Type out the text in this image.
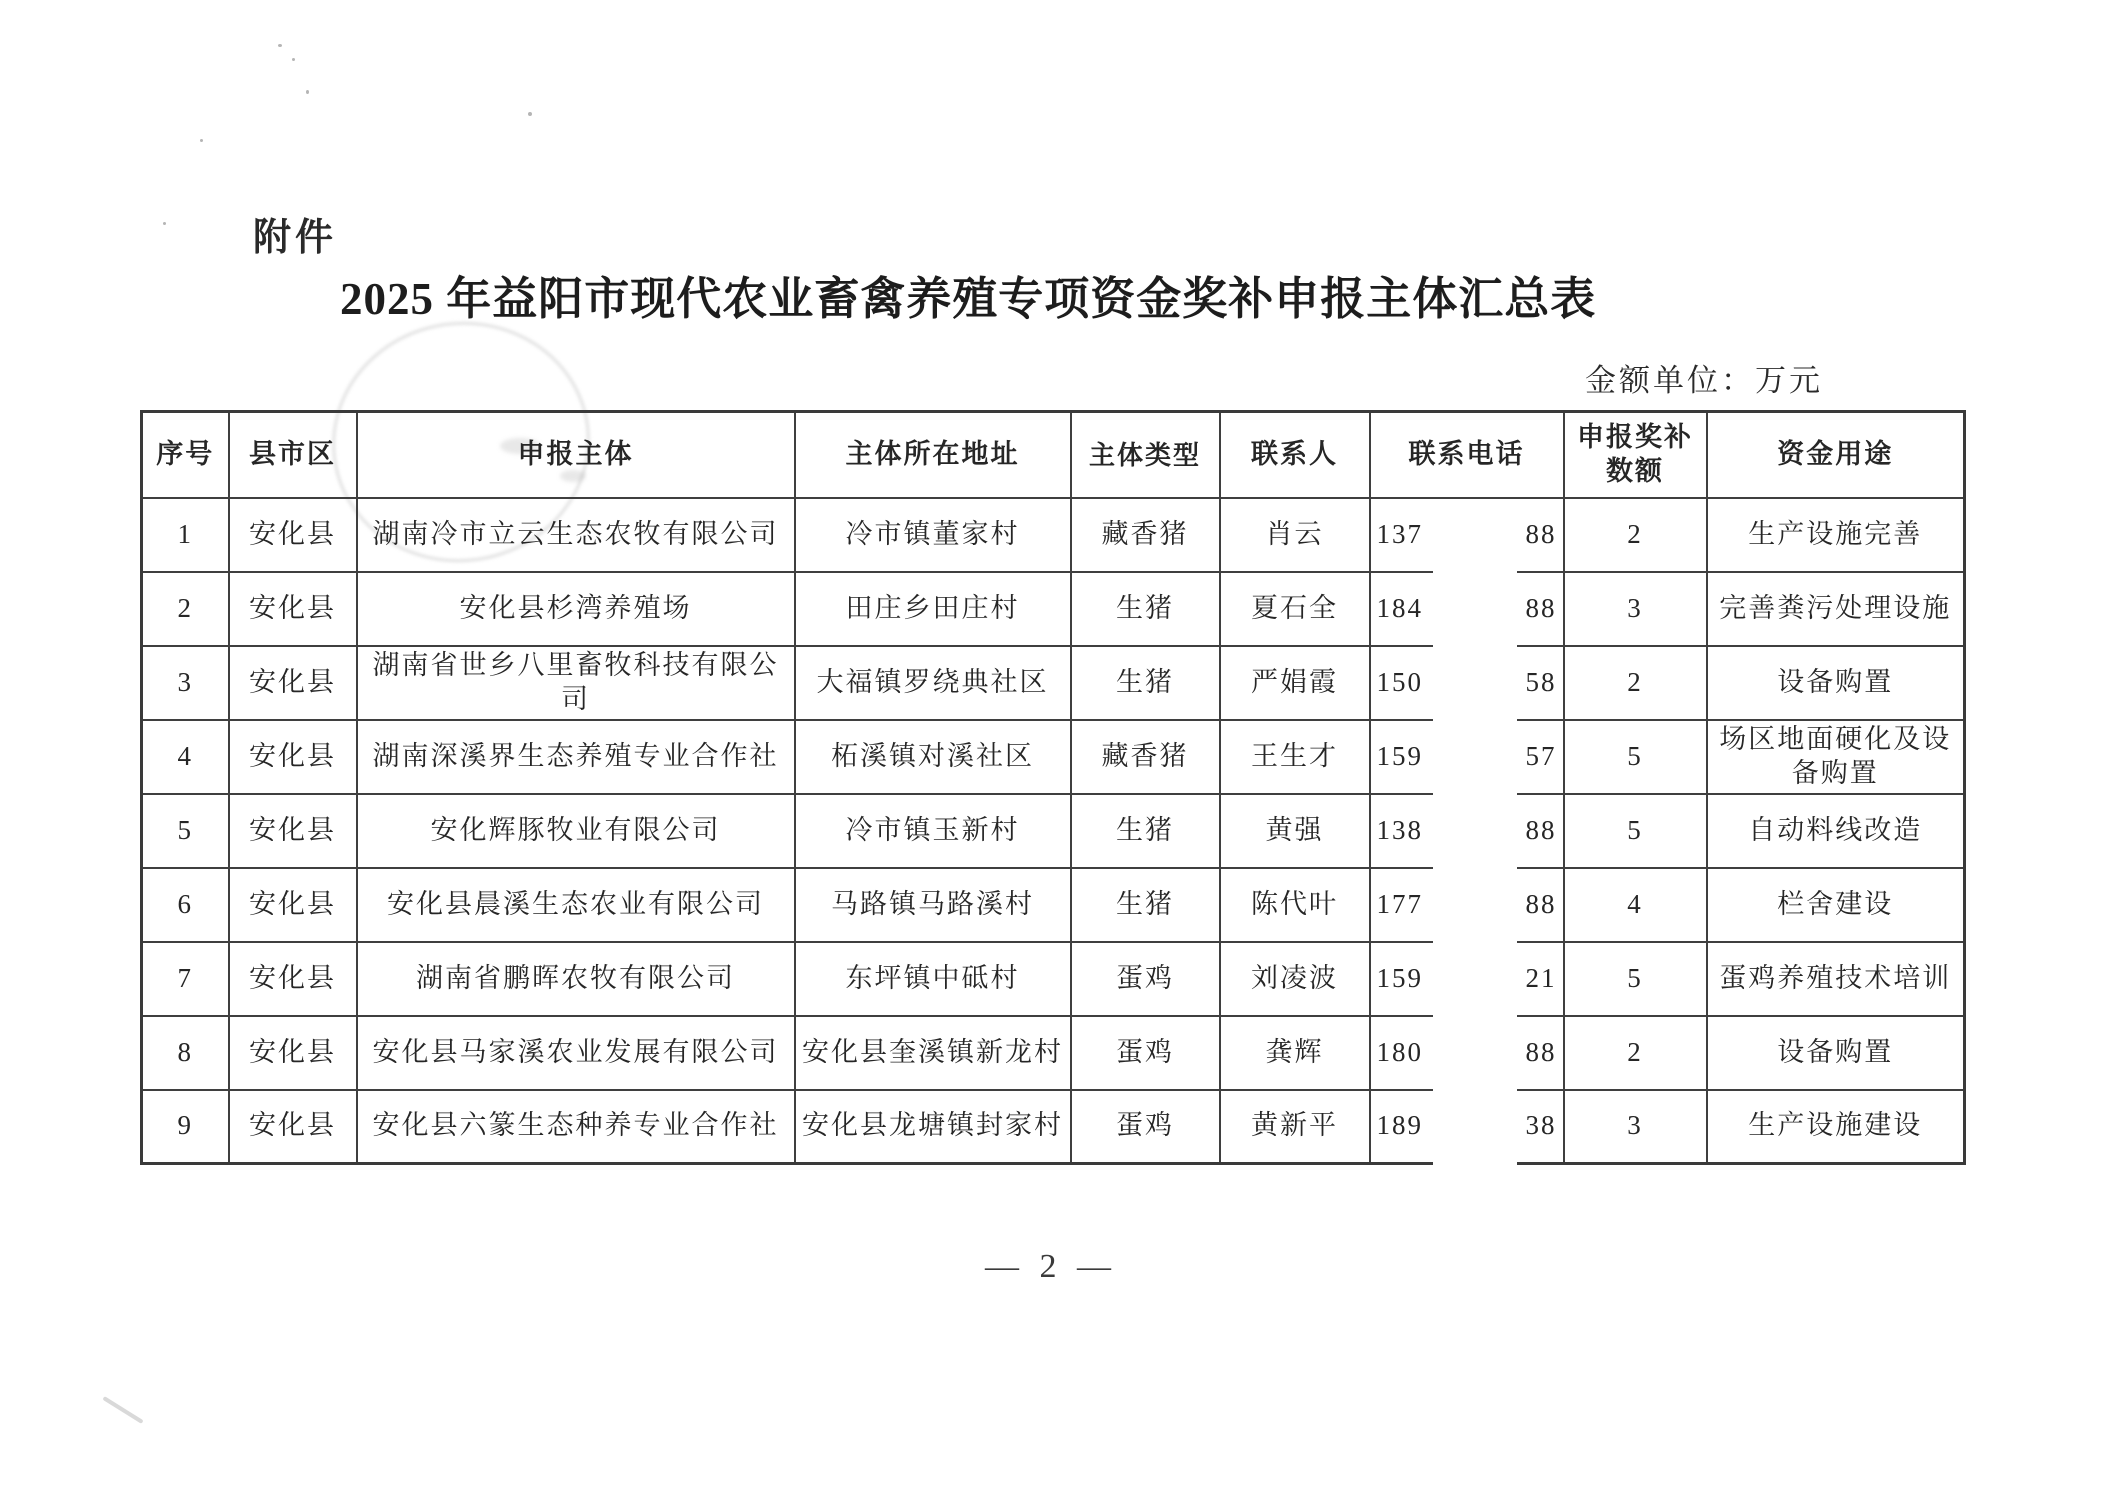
附件
2025 年益阳市现代农业畜禽养殖专项资金奖补申报主体汇总表
金额单位：万元
序号	县市区	申报主体	主体所在地址	主体类型	联系人	联系电话	申报奖补数额	资金用途
1	安化县	湖南冷市立云生态农牧有限公司	冷市镇董家村	藏香猪	肖云	137 88	2	生产设施完善
2	安化县	安化县杉湾养殖场	田庄乡田庄村	生猪	夏石全	184 88	3	完善粪污处理设施
3	安化县	湖南省世乡八里畜牧科技有限公司	大福镇罗绕典社区	生猪	严娟霞	150 58	2	设备购置
4	安化县	湖南深溪界生态养殖专业合作社	柘溪镇对溪社区	藏香猪	王生才	159 57	5	场区地面硬化及设备购置
5	安化县	安化辉豚牧业有限公司	冷市镇玉新村	生猪	黄强	138 88	5	自动料线改造
6	安化县	安化县晨溪生态农业有限公司	马路镇马路溪村	生猪	陈代叶	177 88	4	栏舍建设
7	安化县	湖南省鹏晖农牧有限公司	东坪镇中砥村	蛋鸡	刘凌波	159 21	5	蛋鸡养殖技术培训
8	安化县	安化县马家溪农业发展有限公司	安化县奎溪镇新龙村	蛋鸡	龚辉	180 88	2	设备购置
9	安化县	安化县六篆生态种养专业合作社	安化县龙塘镇封家村	蛋鸡	黄新平	189 38	3	生产设施建设
— 2 —
